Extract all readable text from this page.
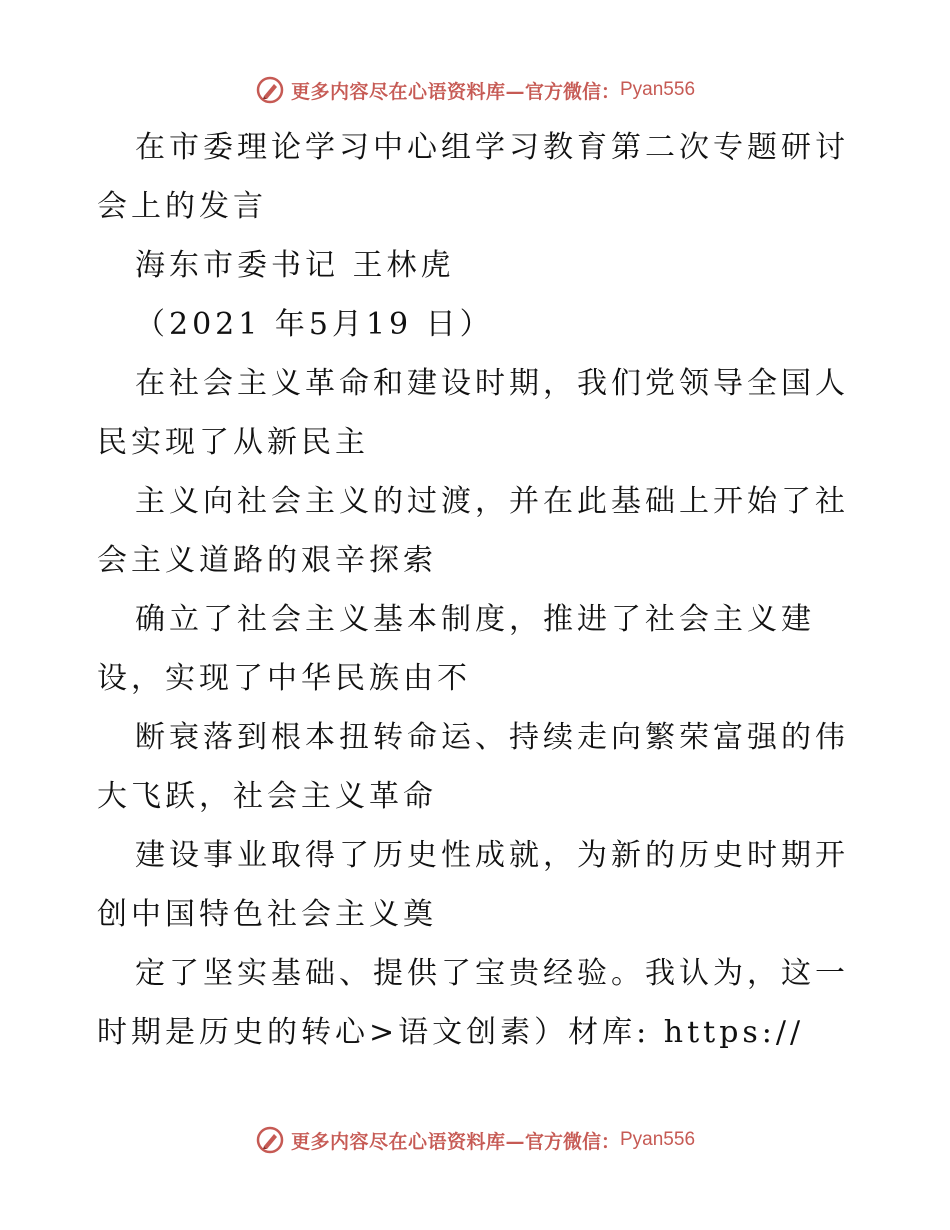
更多内容尽在心语资料库— 官方微信： Pyan556

在市委理论学习中心组学习教育第二次专题研讨会上的发言

海东市委书记 王林虎

（2021 年5月19 日）

在社会主义革命和建设时期，我们党领导全国人民实现了从新民主

主义向社会主义的过渡，并在此基础上开始了社会主义道路的艰辛探索

确立了社会主义基本制度，推进了社会主义建设，实现了中华民族由不

断衰落到根本扭转命运、持续走向繁荣富强的伟大飞跃，社会主义革命

建设事业取得了历史性成就，为新的历史时期开创中国特色社会主义奠

定了坚实基础、提供了宝贵经验。我认为，这一时期是历史的转心>语文创素）材库: https://

更多内容尽在心语资料库— 官方微信： Pyan556
